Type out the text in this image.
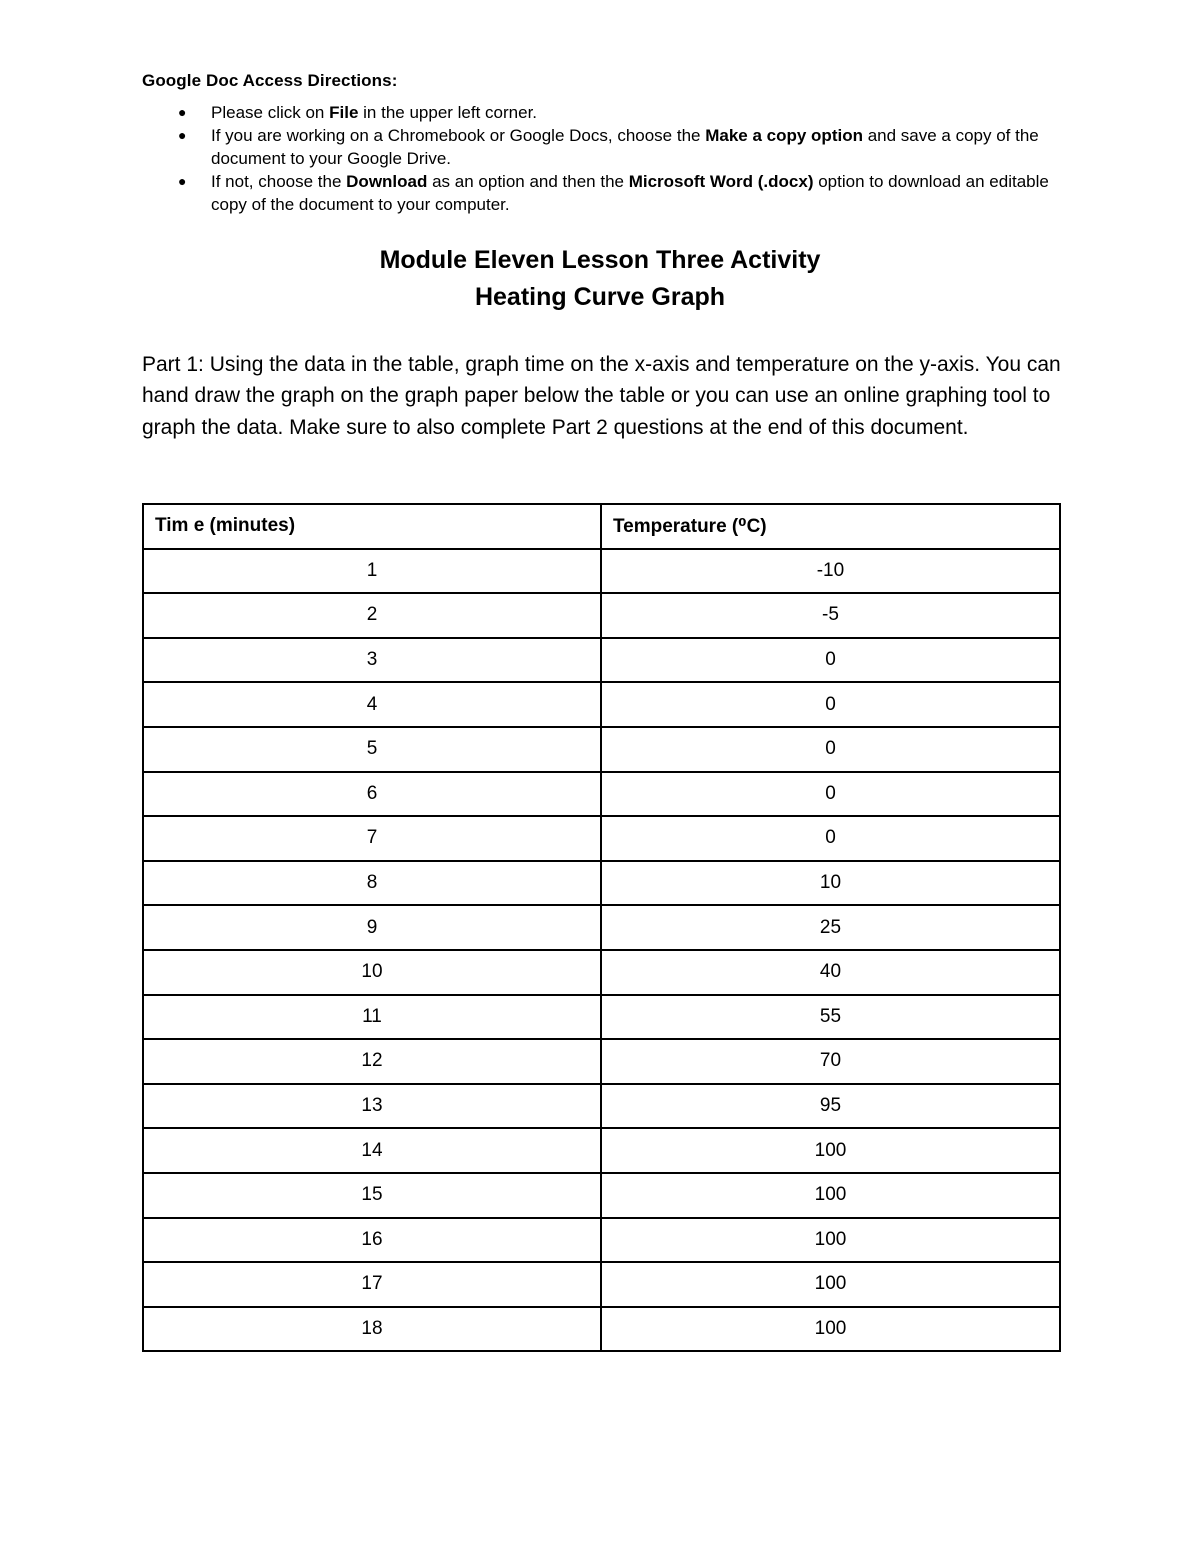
Google Doc Access Directions:
● Please click on File in the upper left corner.
● If you are working on a Chromebook or Google Docs, choose the Make a copy option and save a copy of the document to your Google Drive.
● If not, choose the Download as an option and then the Microsoft Word (.docx) option to download an editable copy of the document to your computer.
Module Eleven Lesson Three Activity
Heating Curve Graph

Part 1: Using the data in the table, graph time on the x-axis and temperature on the y-axis. You can hand draw the graph on the graph paper below the table or you can use an online graphing tool to graph the data. Make sure to also complete Part 2 questions at the end of this document.

Tim e (minutes)	Temperature (⁰C)
1	-10
2	-5
3	0
4	0
5	0
6	0
7	0
8	10
9	25
10	40
11	55
12	70
13	95
14	100
15	100
16	100
17	100
18	100
